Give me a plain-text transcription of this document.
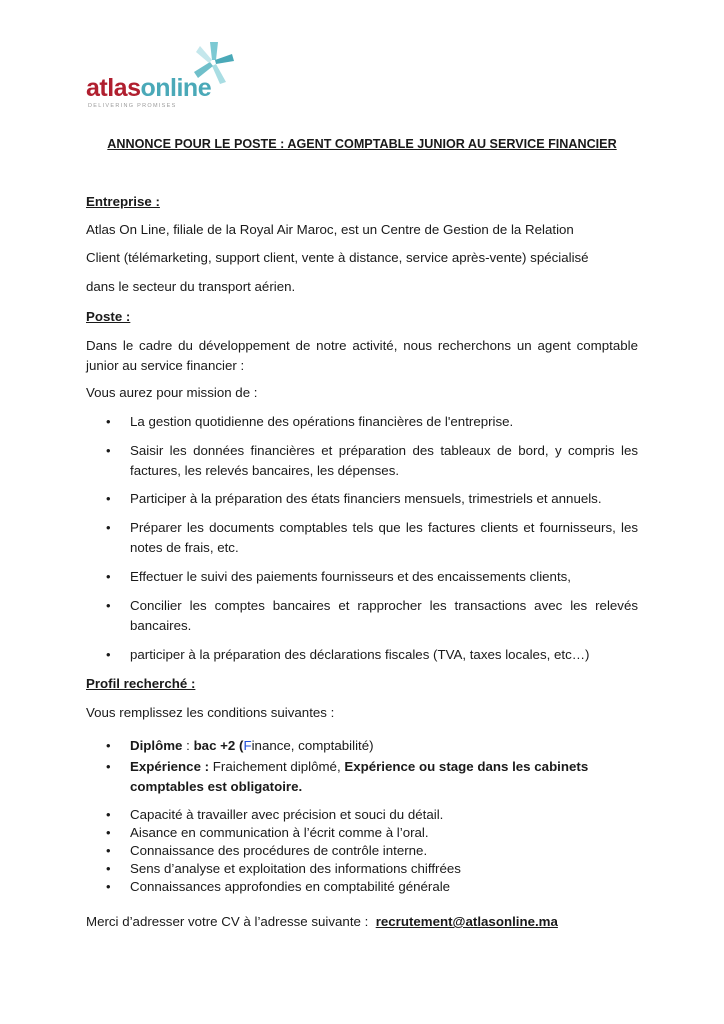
atlasonline
DELIVERING PROMISES
ANNONCE POUR LE POSTE : AGENT COMPTABLE JUNIOR AU SERVICE FINANCIER
Entreprise :
Atlas On Line, filiale de la Royal Air Maroc, est un Centre de Gestion de la Relation
Client (télémarketing, support client, vente à distance, service après-vente) spécialisé
dans le secteur du transport aérien.
Poste :
Dans le cadre du développement de notre activité, nous recherchons un agent comptable junior au service financier :
Vous aurez pour mission de :
• La gestion quotidienne des opérations financières de l'entreprise.
• Saisir les données financières et préparation des tableaux de bord, y compris les factures, les relevés bancaires, les dépenses.
• Participer à la préparation des états financiers mensuels, trimestriels et annuels.
• Préparer les documents comptables tels que les factures clients et fournisseurs, les notes de frais, etc.
• Effectuer le suivi des paiements fournisseurs et des encaissements clients,
• Concilier les comptes bancaires et rapprocher les transactions avec les relevés bancaires.
• participer à la préparation des déclarations fiscales (TVA, taxes locales, etc…)
Profil recherché :
Vous remplissez les conditions suivantes :
• Diplôme : bac +2 (Finance, comptabilité)
• Expérience : Fraichement diplômé, Expérience ou stage dans les cabinets
comptables est obligatoire.
• Capacité à travailler avec précision et souci du détail.
• Aisance en communication à l’écrit comme à l’oral.
• Connaissance des procédures de contrôle interne.
• Sens d’analyse et exploitation des informations chiffrées
• Connaissances approfondies en comptabilité générale
Merci d’adresser votre CV à l’adresse suivante :  recrutement@atlasonline.ma
